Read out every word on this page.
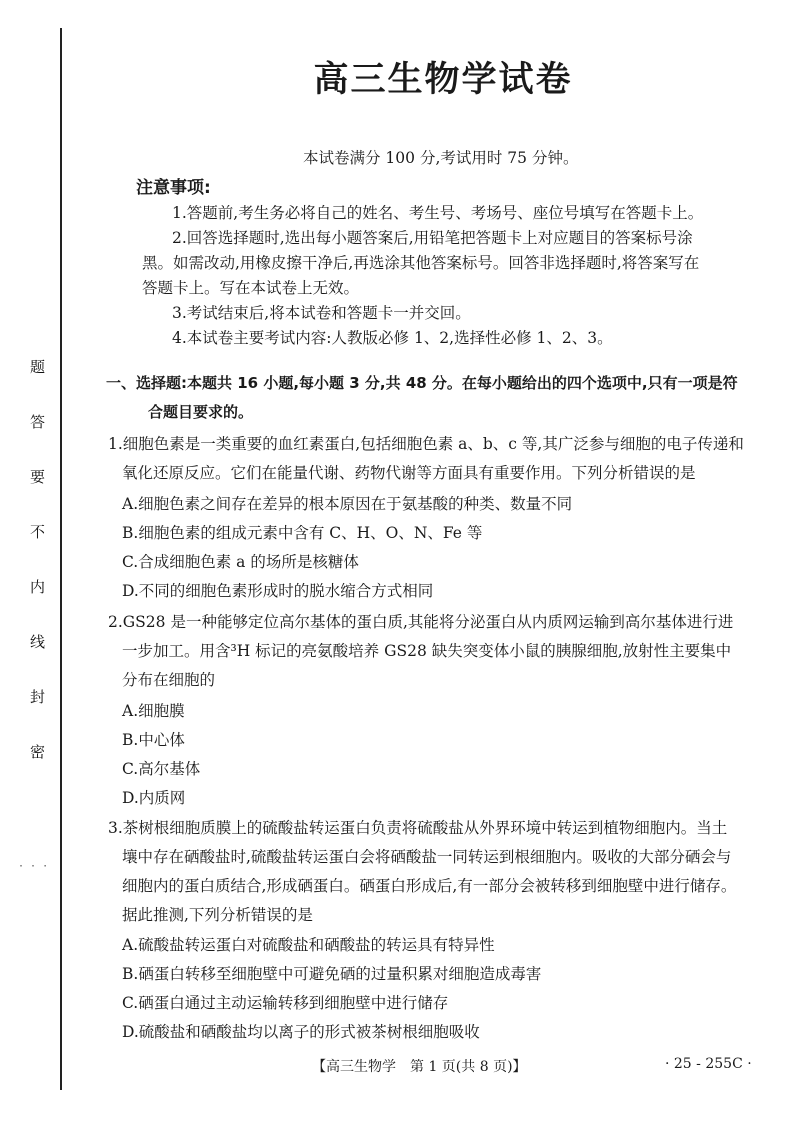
题
答
要
不
内
线
封
密
· · ·
高三生物学试卷
本试卷满分 100 分,考试用时 75 分钟。
注意事项:
1.答题前,考生务必将自己的姓名、考生号、考场号、座位号填写在答题卡上。
2.回答选择题时,选出每小题答案后,用铅笔把答题卡上对应题目的答案标号涂
黑。如需改动,用橡皮擦干净后,再选涂其他答案标号。回答非选择题时,将答案写在
答题卡上。写在本试卷上无效。
3.考试结束后,将本试卷和答题卡一并交回。
4.本试卷主要考试内容:人教版必修 1、2,选择性必修 1、2、3。
一、选择题:本题共 16 小题,每小题 3 分,共 48 分。在每小题给出的四个选项中,只有一项是符
合题目要求的。
1.细胞色素是一类重要的血红素蛋白,包括细胞色素 a、b、c 等,其广泛参与细胞的电子传递和
氧化还原反应。它们在能量代谢、药物代谢等方面具有重要作用。下列分析错误的是
A.细胞色素之间存在差异的根本原因在于氨基酸的种类、数量不同
B.细胞色素的组成元素中含有 C、H、O、N、Fe 等
C.合成细胞色素 a 的场所是核糖体
D.不同的细胞色素形成时的脱水缩合方式相同
2.GS28 是一种能够定位高尔基体的蛋白质,其能将分泌蛋白从内质网运输到高尔基体进行进
一步加工。用含³H 标记的亮氨酸培养 GS28 缺失突变体小鼠的胰腺细胞,放射性主要集中
分布在细胞的
A.细胞膜
B.中心体
C.高尔基体
D.内质网
3.茶树根细胞质膜上的硫酸盐转运蛋白负责将硫酸盐从外界环境中转运到植物细胞内。当土
壤中存在硒酸盐时,硫酸盐转运蛋白会将硒酸盐一同转运到根细胞内。吸收的大部分硒会与
细胞内的蛋白质结合,形成硒蛋白。硒蛋白形成后,有一部分会被转移到细胞壁中进行储存。
据此推测,下列分析错误的是
A.硫酸盐转运蛋白对硫酸盐和硒酸盐的转运具有特异性
B.硒蛋白转移至细胞壁中可避免硒的过量积累对细胞造成毒害
C.硒蛋白通过主动运输转移到细胞壁中进行储存
D.硫酸盐和硒酸盐均以离子的形式被茶树根细胞吸收
【高三生物学　第 1 页(共 8 页)】	· 25 - 255C ·
